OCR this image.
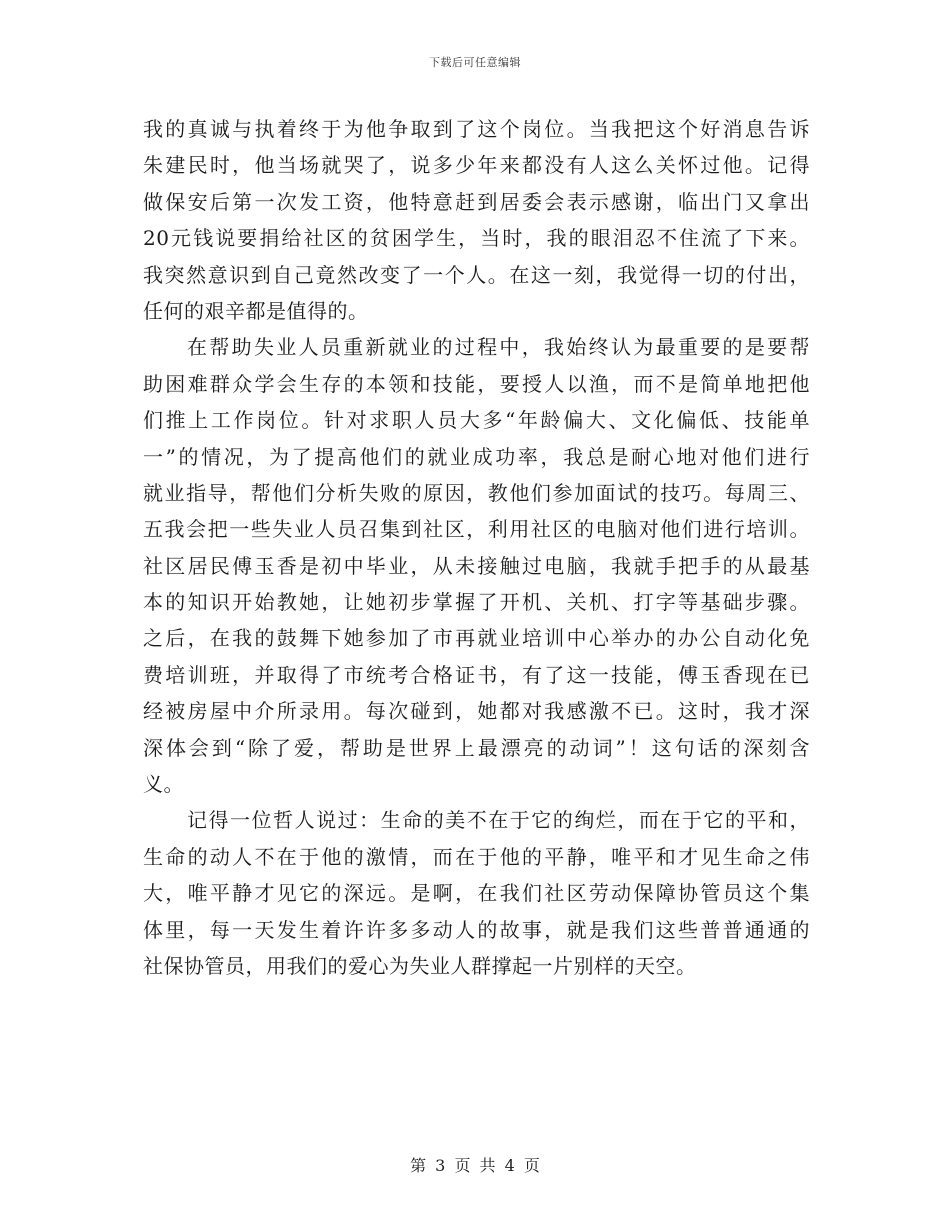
下载后可任意编辑
我的真诚与执着终于为他争取到了这个岗位。当我把这个好消息告诉
朱建民时，他当场就哭了，说多少年来都没有人这么关怀过他。记得
做保安后第一次发工资，他特意赶到居委会表示感谢，临出门又拿出
20元钱说要捐给社区的贫困学生，当时，我的眼泪忍不住流了下来。
我突然意识到自己竟然改变了一个人。在这一刻，我觉得一切的付出，
任何的艰辛都是值得的。
在帮助失业人员重新就业的过程中，我始终认为最重要的是要帮
助困难群众学会生存的本领和技能，要授人以渔，而不是简单地把他
们推上工作岗位。针对求职人员大多“年龄偏大、文化偏低、技能单
一”的情况，为了提高他们的就业成功率，我总是耐心地对他们进行
就业指导，帮他们分析失败的原因，教他们参加面试的技巧。每周三、
五我会把一些失业人员召集到社区，利用社区的电脑对他们进行培训。
社区居民傅玉香是初中毕业，从未接触过电脑，我就手把手的从最基
本的知识开始教她，让她初步掌握了开机、关机、打字等基础步骤。
之后，在我的鼓舞下她参加了市再就业培训中心举办的办公自动化免
费培训班，并取得了市统考合格证书，有了这一技能，傅玉香现在已
经被房屋中介所录用。每次碰到，她都对我感激不已。这时，我才深
深体会到“除了爱，帮助是世界上最漂亮的动词”！这句话的深刻含
义。
记得一位哲人说过：生命的美不在于它的绚烂，而在于它的平和，
生命的动人不在于他的激情，而在于他的平静，唯平和才见生命之伟
大，唯平静才见它的深远。是啊，在我们社区劳动保障协管员这个集
体里，每一天发生着许许多多动人的故事，就是我们这些普普通通的
社保协管员，用我们的爱心为失业人群撑起一片别样的天空。
第 3 页 共 4 页
